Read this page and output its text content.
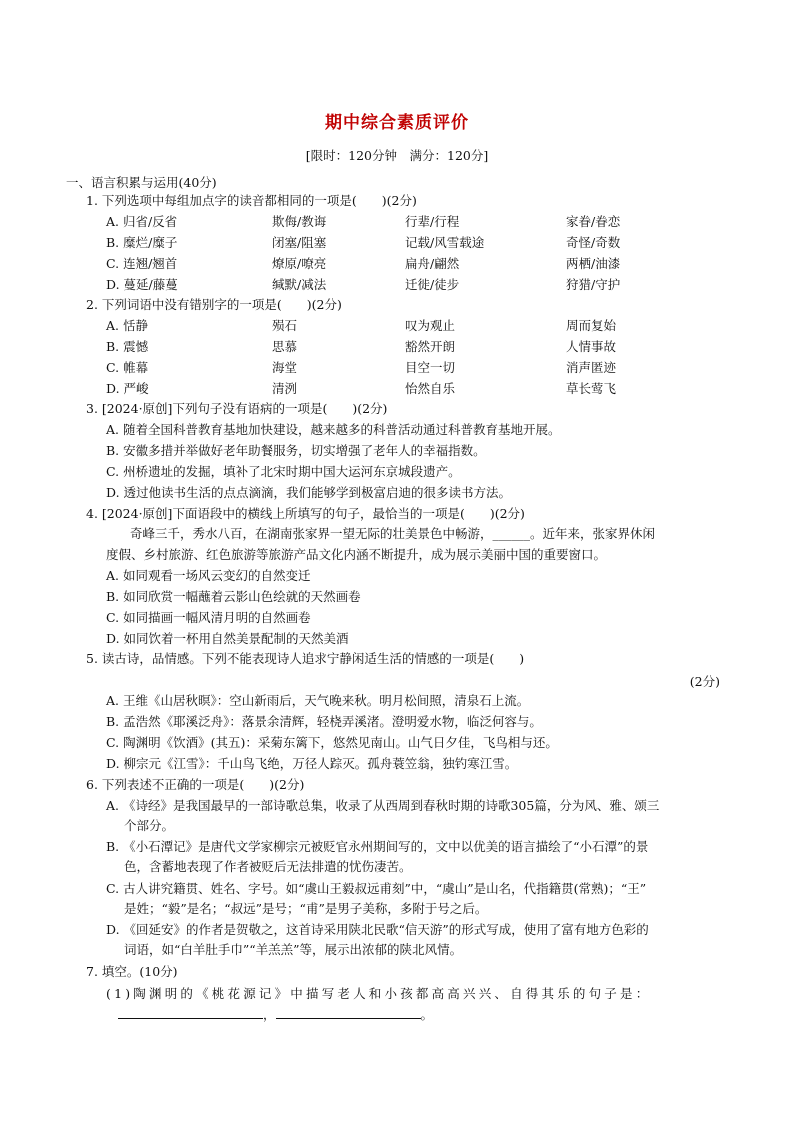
期中综合素质评价
[限时：120分钟　满分：120分]
一、语言积累与运用(40分)
1. 下列选项中每组加点字的读音都相同的一项是(　　)(2分)
A. 归省/反省	欺侮/教诲	行辈/行程	家眷/眷恋
B. 糜烂/糜子	闭塞/阻塞	记载/风雪载途	奇怪/奇数
C. 连翘/翘首	燎原/嘹亮	扁舟/翩然	两栖/油漆
D. 蔓延/藤蔓	缄默/减法	迁徙/徒步	狩猎/守护
2. 下列词语中没有错别字的一项是(　　)(2分)
A. 恬静	殒石	叹为观止	周而复始
B. 震憾	思慕	豁然开朗	人情事故
C. 帷幕	海堂	目空一切	消声匿迹
D. 严峻	清洌	怡然自乐	草长莺飞
3. [2024·原创]下列句子没有语病的一项是(　　)(2分)
A. 随着全国科普教育基地加快建设，越来越多的科普活动通过科普教育基地开展。
B. 安徽多措并举做好老年助餐服务，切实增强了老年人的幸福指数。
C. 州桥遗址的发掘，填补了北宋时期中国大运河东京城段遗产。
D. 透过他读书生活的点点滴滴，我们能够学到极富启迪的很多读书方法。
4. [2024·原创]下面语段中的横线上所填写的句子，最恰当的一项是(　　)(2分)
奇峰三千，秀水八百，在湖南张家界一望无际的壮美景色中畅游，______。近年来，张家界休闲
度假、乡村旅游、红色旅游等旅游产品文化内涵不断提升，成为展示美丽中国的重要窗口。
A. 如同观看一场风云变幻的自然变迁
B. 如同欣赏一幅蘸着云影山色绘就的天然画卷
C. 如同描画一幅风清月明的自然画卷
D. 如同饮着一杯用自然美景配制的天然美酒
5. 读古诗，品情感。下列不能表现诗人追求宁静闲适生活的情感的一项是(　　)
(2分)
A. 王维《山居秋暝》：空山新雨后，天气晚来秋。明月松间照，清泉石上流。
B. 孟浩然《耶溪泛舟》：落景余清辉，轻桡弄溪渚。澄明爱水物，临泛何容与。
C. 陶渊明《饮酒》(其五)：采菊东篱下，悠然见南山。山气日夕佳，飞鸟相与还。
D. 柳宗元《江雪》：千山鸟飞绝，万径人踪灭。孤舟蓑笠翁，独钓寒江雪。
6. 下列表述不正确的一项是(　　)(2分)
A. 《诗经》是我国最早的一部诗歌总集，收录了从西周到春秋时期的诗歌305篇，分为风、雅、颂三
个部分。
B. 《小石潭记》是唐代文学家柳宗元被贬官永州期间写的，文中以优美的语言描绘了“小石潭”的景
色，含蓄地表现了作者被贬后无法排遣的忧伤凄苦。
C. 古人讲究籍贯、姓名、字号。如“虞山王毅叔远甫刻”中，“虞山”是山名，代指籍贯(常熟)；“王”
是姓；“毅”是名；“叔远”是号；“甫”是男子美称，多附于号之后。
D. 《回延安》的作者是贺敬之，这首诗采用陕北民歌“信天游”的形式写成，使用了富有地方色彩的
词语，如“白羊肚手巾”“羊羔羔”等，展示出浓郁的陕北风情。
7. 填空。(10分)
(1)陶渊明的《桃花源记》中描写老人和小孩都高高兴兴、自得其乐的句子是：
，	。
